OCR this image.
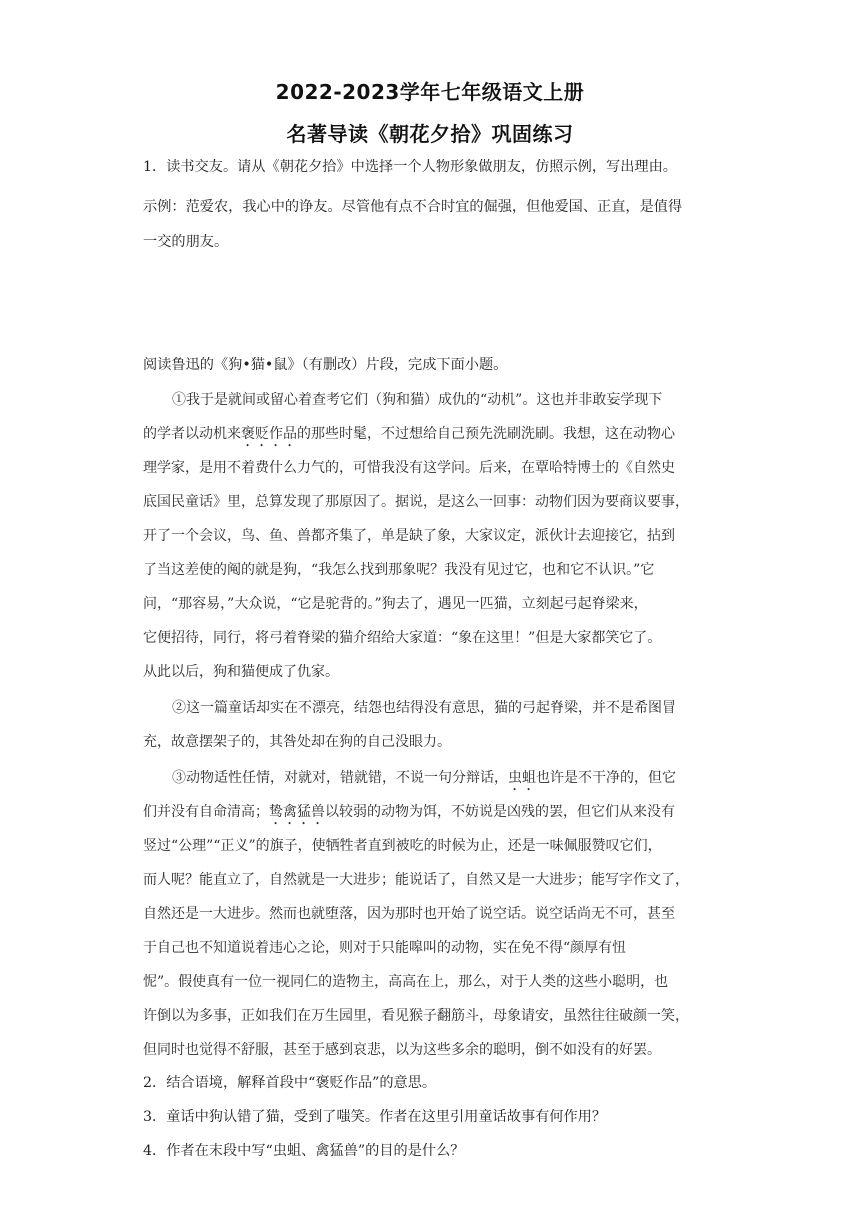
2022-2023学年七年级语文上册
名著导读《朝花夕拾》巩固练习
1．读书交友。请从《朝花夕拾》中选择一个人物形象做朋友，仿照示例，写出理由。
示例：范爱农，我心中的诤友。尽管他有点不合时宜的倔强，但他爱国、正直，是值得
一交的朋友。
阅读鲁迅的《狗•猫•鼠》（有删改）片段，完成下面小题。
①我于是就间或留心着查考它们（狗和猫）成仇的“动机”。这也并非敢妄学现下
的学者以动机来褒贬作品的那些时髦，不过想给自己预先洗刷洗刷。我想，这在动物心
理学家，是用不着费什么力气的，可惜我没有这学问。后来，在覃哈特博士的《自然史
底国民童话》里，总算发现了那原因了。据说，是这么一回事：动物们因为要商议要事，
开了一个会议，鸟、鱼、兽都齐集了，单是缺了象，大家议定，派伙计去迎接它，拈到
了当这差使的阄的就是狗，“我怎么找到那象呢？我没有见过它，也和它不认识。”它
问，“那容易，”大众说，“它是驼背的。”狗去了，遇见一匹猫，立刻起弓起脊梁来，
它便招待，同行，将弓着脊梁的猫介绍给大家道：“象在这里！”但是大家都笑它了。
从此以后，狗和猫便成了仇家。
②这一篇童话却实在不漂亮，结怨也结得没有意思，猫的弓起脊梁，并不是希图冒
充，故意摆架子的，其咎处却在狗的自己没眼力。
③动物适性任情，对就对，错就错，不说一句分辩话，虫蛆也许是不干净的，但它
们并没有自命清高；鸷禽猛兽以较弱的动物为饵，不妨说是凶残的罢，但它们从来没有
竖过“公理”“正义”的旗子，使牺牲者直到被吃的时候为止，还是一味佩服赞叹它们，
而人呢？能直立了，自然就是一大进步；能说话了，自然又是一大进步；能写字作文了，
自然还是一大进步。然而也就堕落，因为那时也开始了说空话。说空话尚无不可，甚至
于自己也不知道说着违心之论，则对于只能嗥叫的动物，实在免不得“颜厚有忸
怩”。假使真有一位一视同仁的造物主，高高在上，那么，对于人类的这些小聪明，也
许倒以为多事，正如我们在万生园里，看见猴子翻筋斗，母象请安，虽然往往破颜一笑，
但同时也觉得不舒服，甚至于感到哀悲，以为这些多余的聪明，倒不如没有的好罢。
2．结合语境，解释首段中“褒贬作品”的意思。
3．童话中狗认错了猫，受到了嗤笑。作者在这里引用童话故事有何作用？
4．作者在末段中写“虫蛆、禽猛兽”的目的是什么？
